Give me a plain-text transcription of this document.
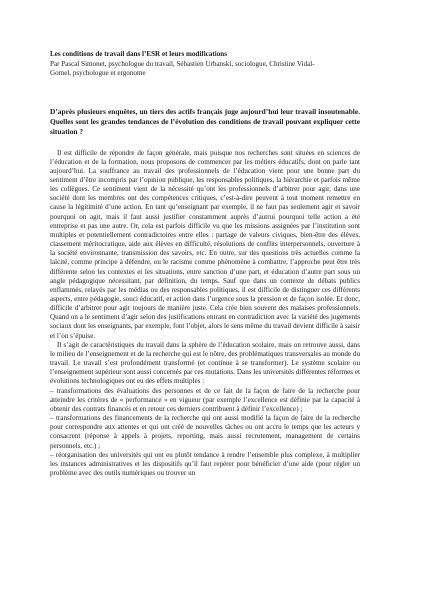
Les conditions de travail dans l’ESR et leurs modifications
Par Pascal Simonet, psychologue du travail, Sébastien Urbanski, sociologue, Christine Vidal-
Gomel, psychologue et ergonome

D’après plusieurs enquêtes, un tiers des actifs français juge aujourd’hui leur travail insoutenable. Quelles sont les grandes tendances de l’évolution des conditions de travail pouvant expliquer cette situation ?

Il est difficile de répondre de façon générale, mais puisque nos recherches sont situées en sciences de l’éducation et de la formation, nous proposons de commencer par les métiers éducatifs, dont on parle tant aujourd’hui. La souffrance au travail des professionnels de l’éducation vient pour une bonne part du sentiment d’être incompris par l’opinion publique, les responsables politiques, la hiérarchie et parfois même les collègues. Ce sentiment vient de la nécessité qu’ont les professionnels d’arbitrer pour agir, dans une société dont les membres ont des compétences critiques, c’est-à-dire peuvent à tout moment remettre en cause la légitimité d’une action. En tant qu’enseignant par exemple, il ne faut pas seulement agir et savoir pourquoi on agit, mais il faut aussi justifier constamment auprès d’autrui pourquoi telle action a été entreprise et pas une autre. Or, cela est parfois difficile vu que les missions assignées par l’institution sont multiples et potentiellement contradictoires entre elles : partage de valeurs civiques, bien-être des élèves, classement méritocratique, aide aux élèves en difficulté, résolutions de conflits interpersonnels, ouverture à la société environnante, transmission des savoirs, etc. En outre, sur des questions très actuelles comme la laïcité, comme principe à défendre, ou le racisme comme phénomène à combattre, l’approche peut être très différente selon les contextes et les situations, entre sanction d’une part, et éducation d’autre part sous un angle pédagogique nécessitant, par définition, du temps. Sauf que dans un contexte de débats publics enflammés, relayés par les médias ou des responsables politiques, il est difficile de distinguer ces différents aspects, entre pédagogie, souci éducatif, et action dans l’urgence sous la pression et de façon isolée. Et donc, difficile d’arbitrer pour agir toujours de manière juste. Cela crée bien souvent des malaises professionnels. Quand on a le sentiment d’agir selon des justifications entrant en contradiction avec la variété des jugements sociaux dont les enseignants, par exemple, font l’objet, alors le sens même du travail devient difficile à saisir et l’on s’épuise.

Il s’agit de caractéristiques du travail dans la sphère de l’éducation scolaire, mais on retrouve aussi, dans le milieu de l’enseignement et de la recherche qui est le nôtre, des problématiques transversales au monde du travail. Le travail s’est profondément transformé (et continue à se transformer). Le système scolaire ou l’enseignement supérieur sont aussi concernés par ces mutations. Dans les universités différentes réformes et évolutions technologiques ont eu des effets multiples :

– transformations des évaluations des personnes et de ce fait de la façon de faire de la recherche pour atteindre les critères de « performance » en vigueur (par exemple l’excellence est définie par la capacité à obtenir des contrats financés et en retour ces derniers contribuent à définir l’excellence) ;

– transformations des financements de la recherche qui ont aussi modifié la façon de faire de la recherche pour correspondre aux attentes et qui ont créé de nouvelles tâches ou ont accru le temps que les acteurs y consacrent (réponse à appels à projets, reporting, mais aussi recrutement, management de certains personnels, etc.) ;

– réorganisation des universités qui ont eu plutôt tendance à rendre l’ensemble plus complexe, à multiplier les instances administratives et les dispositifs qu’il faut repérer pour bénéficier d’une aide (pour régler un problème avec des outils numériques ou trouver un
